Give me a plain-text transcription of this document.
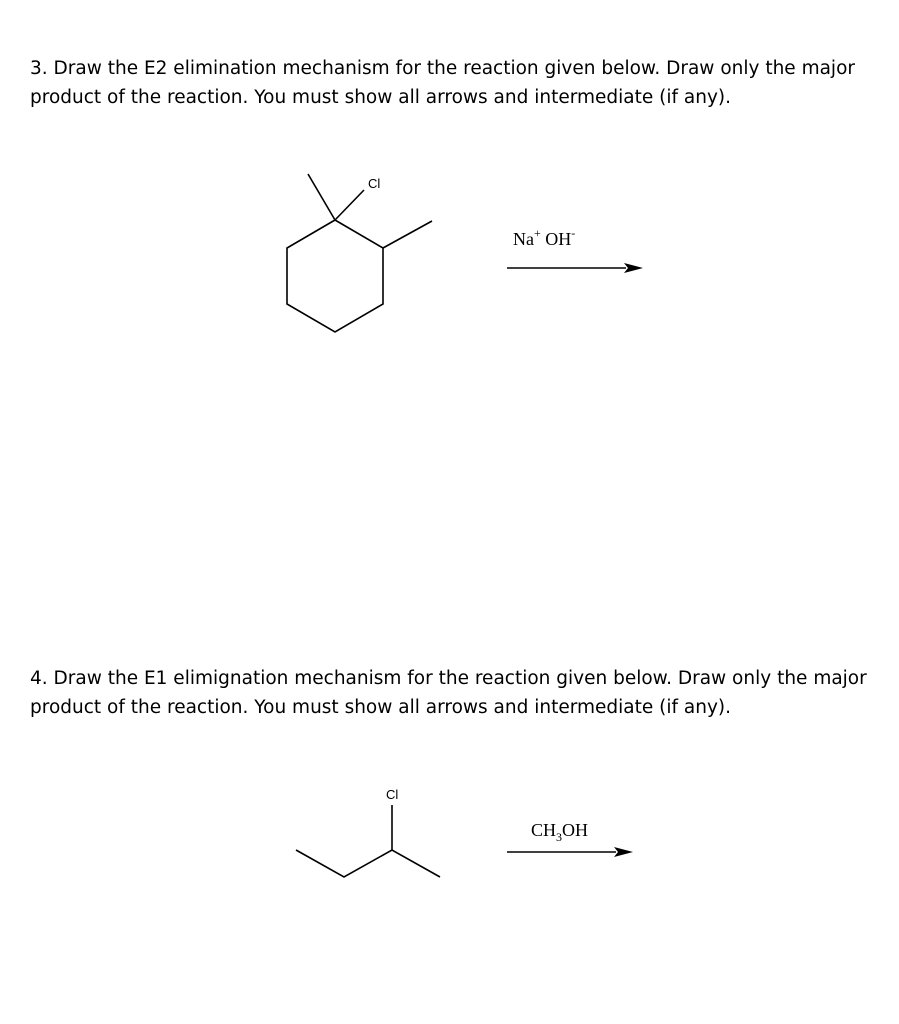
3. Draw the E2 elimination mechanism for the reaction given below. Draw only the major
product of the reaction. You must show all arrows and intermediate (if any).
Cl
Na+ OH-
4. Draw the E1 elimignation mechanism for the reaction given below. Draw only the major
product of the reaction. You must show all arrows and intermediate (if any).
Cl
$CH_3OH$
